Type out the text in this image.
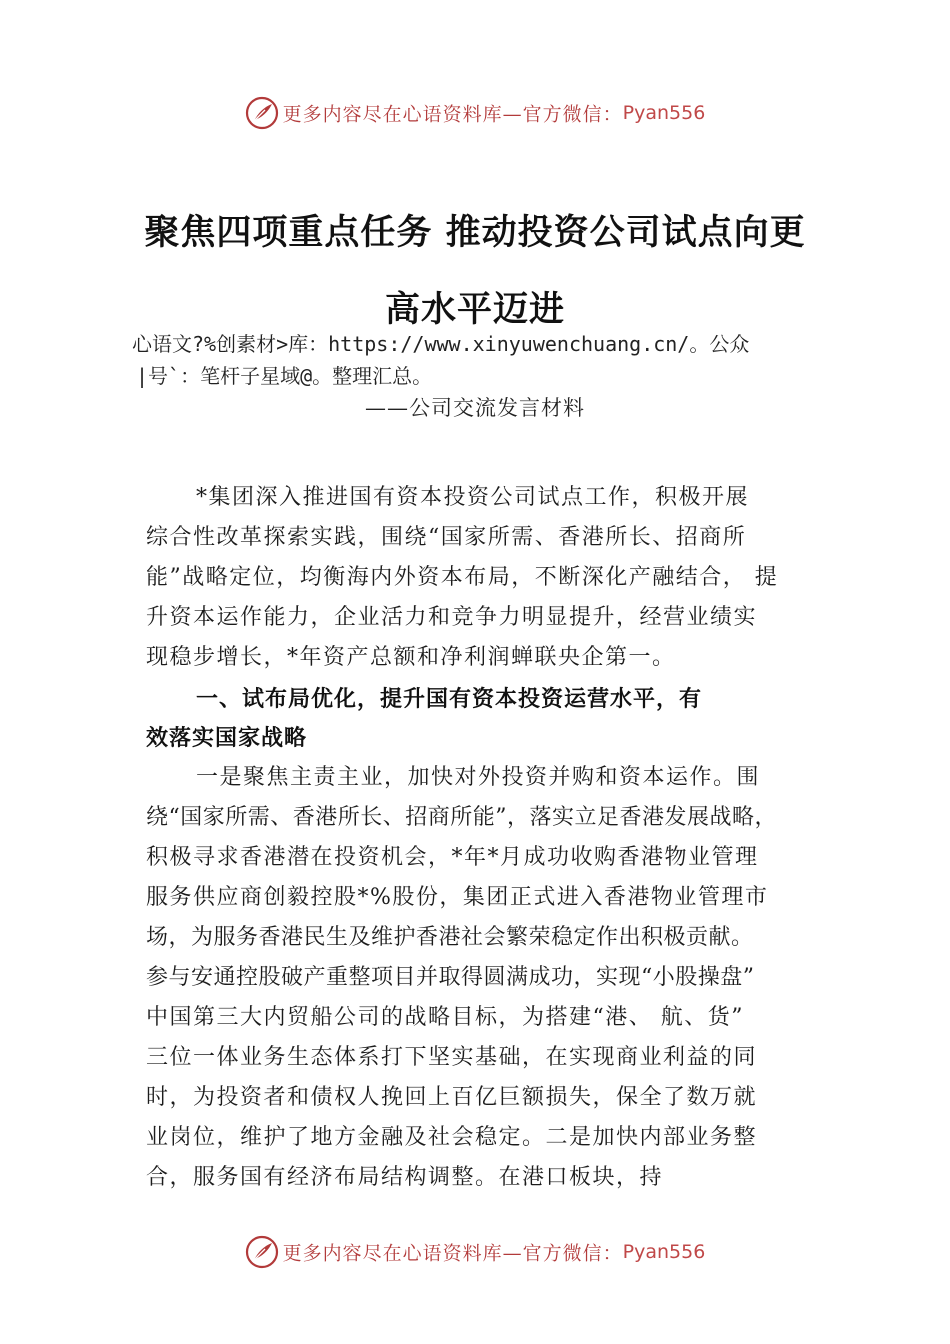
更多内容尽在心语资料库—官方微信：Pyan556
聚焦四项重点任务 推动投资公司试点向更
高水平迈进
心语文?%创素材>库：https://www.xinyuwenchuang.cn/。公众
|号`：笔杆子星域@。整理汇总。
——公司交流发言材料
*集团深入推进国有资本投资公司试点工作，积极开展
综合性改革探索实践，围绕“国家所需、香港所长、招商所
能”战略定位，均衡海内外资本布局，不断深化产融结合， 提
升资本运作能力，企业活力和竞争力明显提升，经营业绩实
现稳步增长，*年资产总额和净利润蝉联央企第一。
一、试布局优化，提升国有资本投资运营水平，有
效落实国家战略
一是聚焦主责主业，加快对外投资并购和资本运作。围
绕“国家所需、香港所长、招商所能”，落实立足香港发展战略，
积极寻求香港潜在投资机会，*年*月成功收购香港物业管理
服务供应商创毅控股*%股份，集团正式进入香港物业管理市
场，为服务香港民生及维护香港社会繁荣稳定作出积极贡献。
参与安通控股破产重整项目并取得圆满成功，实现“小股操盘”
中国第三大内贸船公司的战略目标，为搭建“港、 航、货”
三位一体业务生态体系打下坚实基础，在实现商业利益的同
时，为投资者和债权人挽回上百亿巨额损失，保全了数万就
业岗位，维护了地方金融及社会稳定。二是加快内部业务整
合，服务国有经济布局结构调整。在港口板块，持
更多内容尽在心语资料库—官方微信：Pyan556
